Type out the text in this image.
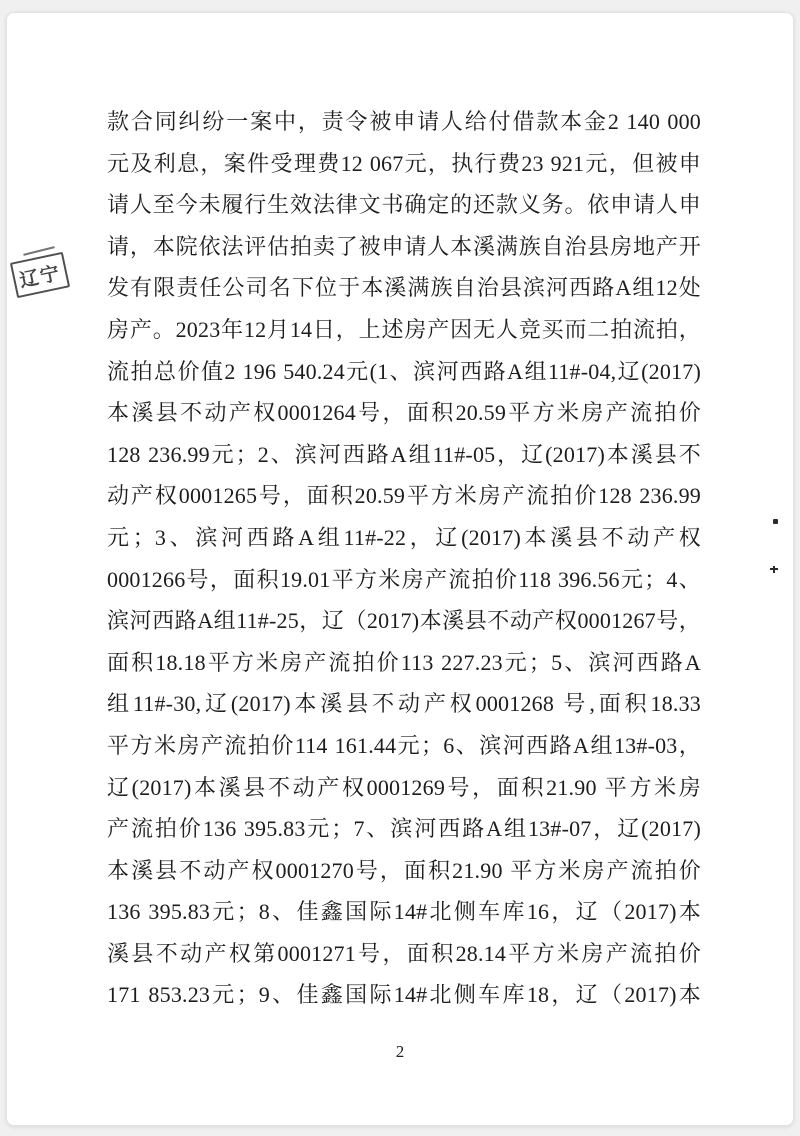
辽宁
款合同纠纷一案中，责令被申请人给付借款本金2 140 000
元及利息，案件受理费12 067元，执行费23 921元，但被申
请人至今未履行生效法律文书确定的还款义务。依申请人申
请，本院依法评估拍卖了被申请人本溪满族自治县房地产开
发有限责任公司名下位于本溪满族自治县滨河西路A组12处
房产。2023年12月14日，上述房产因无人竞买而二拍流拍，
流拍总价值2 196 540.24元(1、滨河西路A组11#-04,辽(2017)
本溪县不动产权0001264号，面积20.59平方米房产流拍价
128 236.99元；2、滨河西路A组11#-05，辽(2017)本溪县不
动产权0001265号，面积20.59平方米房产流拍价128 236.99
元；3、滨河西路A组11#-22，辽(2017)本溪县不动产权
0001266号，面积19.01平方米房产流拍价118 396.56元；4、
滨河西路A组11#-25，辽（2017)本溪县不动产权0001267号，
面积18.18平方米房产流拍价113 227.23元；5、滨河西路A
组11#-30,辽(2017)本溪县不动产权0001268 号,面积18.33
平方米房产流拍价114 161.44元；6、滨河西路A组13#-03，
辽(2017)本溪县不动产权0001269号，面积21.90 平方米房
产流拍价136 395.83元；7、滨河西路A组13#-07，辽(2017)
本溪县不动产权0001270号，面积21.90 平方米房产流拍价
136 395.83元；8、佳鑫国际14#北侧车库16，辽（2017)本
溪县不动产权第0001271号，面积28.14平方米房产流拍价
171 853.23元；9、佳鑫国际14#北侧车库18，辽（2017)本
2
